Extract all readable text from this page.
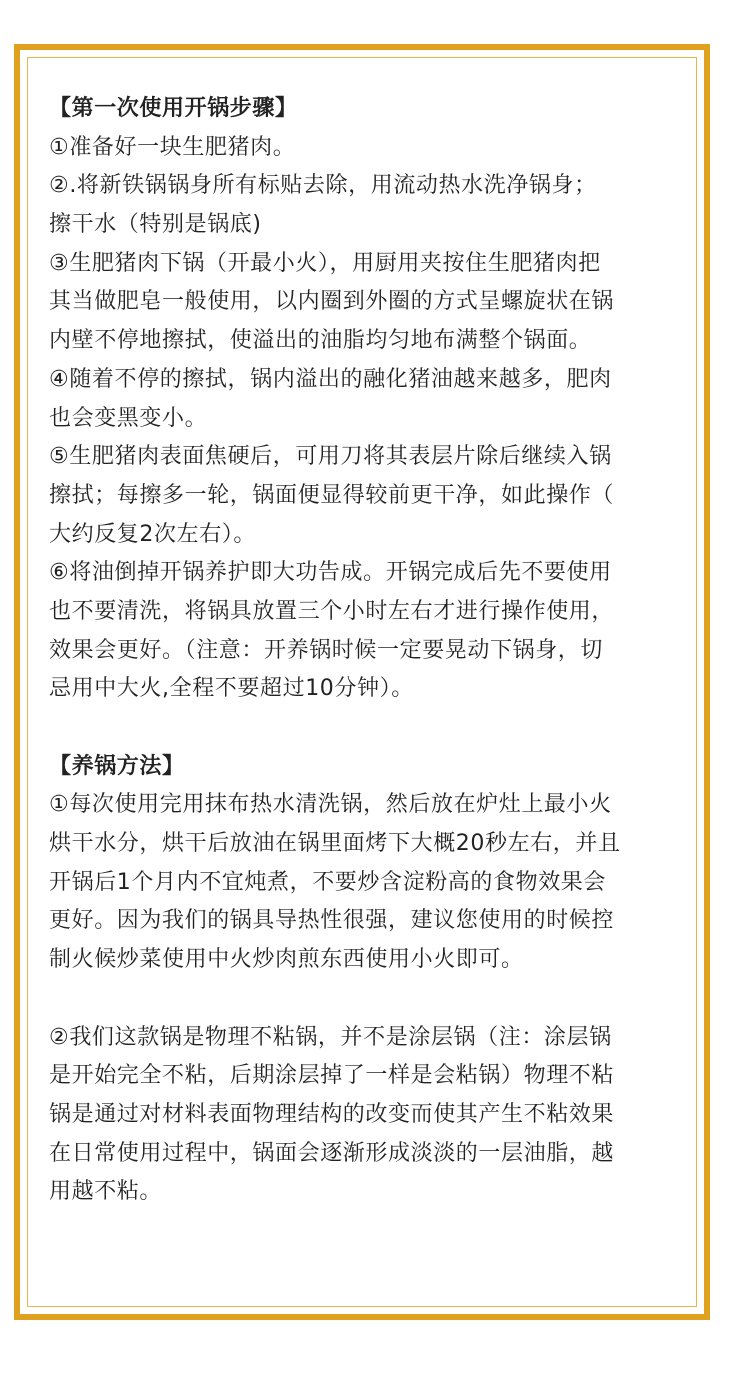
【第一次使用开锅步骤】
①准备好一块生肥猪肉。
②.将新铁锅锅身所有标贴去除，用流动热水洗净锅身；
擦干水（特别是锅底)
③生肥猪肉下锅（开最小火），用厨用夹按住生肥猪肉把
其当做肥皂一般使用，以内圈到外圈的方式呈螺旋状在锅
内壁不停地擦拭，使溢出的油脂均匀地布满整个锅面。
④随着不停的擦拭，锅内溢出的融化猪油越来越多，肥肉
也会变黑变小。
⑤生肥猪肉表面焦硬后，可用刀将其表层片除后继续入锅
擦拭；每擦多一轮，锅面便显得较前更干净，如此操作（
大约反复2次左右）。
⑥将油倒掉开锅养护即大功告成。开锅完成后先不要使用
也不要清洗，将锅具放置三个小时左右才进行操作使用，
效果会更好。（注意：开养锅时候一定要晃动下锅身，切
忌用中大火,全程不要超过10分钟）。
【养锅方法】
①每次使用完用抹布热水清洗锅，然后放在炉灶上最小火
烘干水分，烘干后放油在锅里面烤下大概20秒左右，并且
开锅后1个月内不宜炖煮，不要炒含淀粉高的食物效果会
更好。因为我们的锅具导热性很强，建议您使用的时候控
制火候炒菜使用中火炒肉煎东西使用小火即可。
②我们这款锅是物理不粘锅，并不是涂层锅（注：涂层锅
是开始完全不粘，后期涂层掉了一样是会粘锅）物理不粘
锅是通过对材料表面物理结构的改变而使其产生不粘效果
在日常使用过程中，锅面会逐渐形成淡淡的一层油脂，越
用越不粘。
